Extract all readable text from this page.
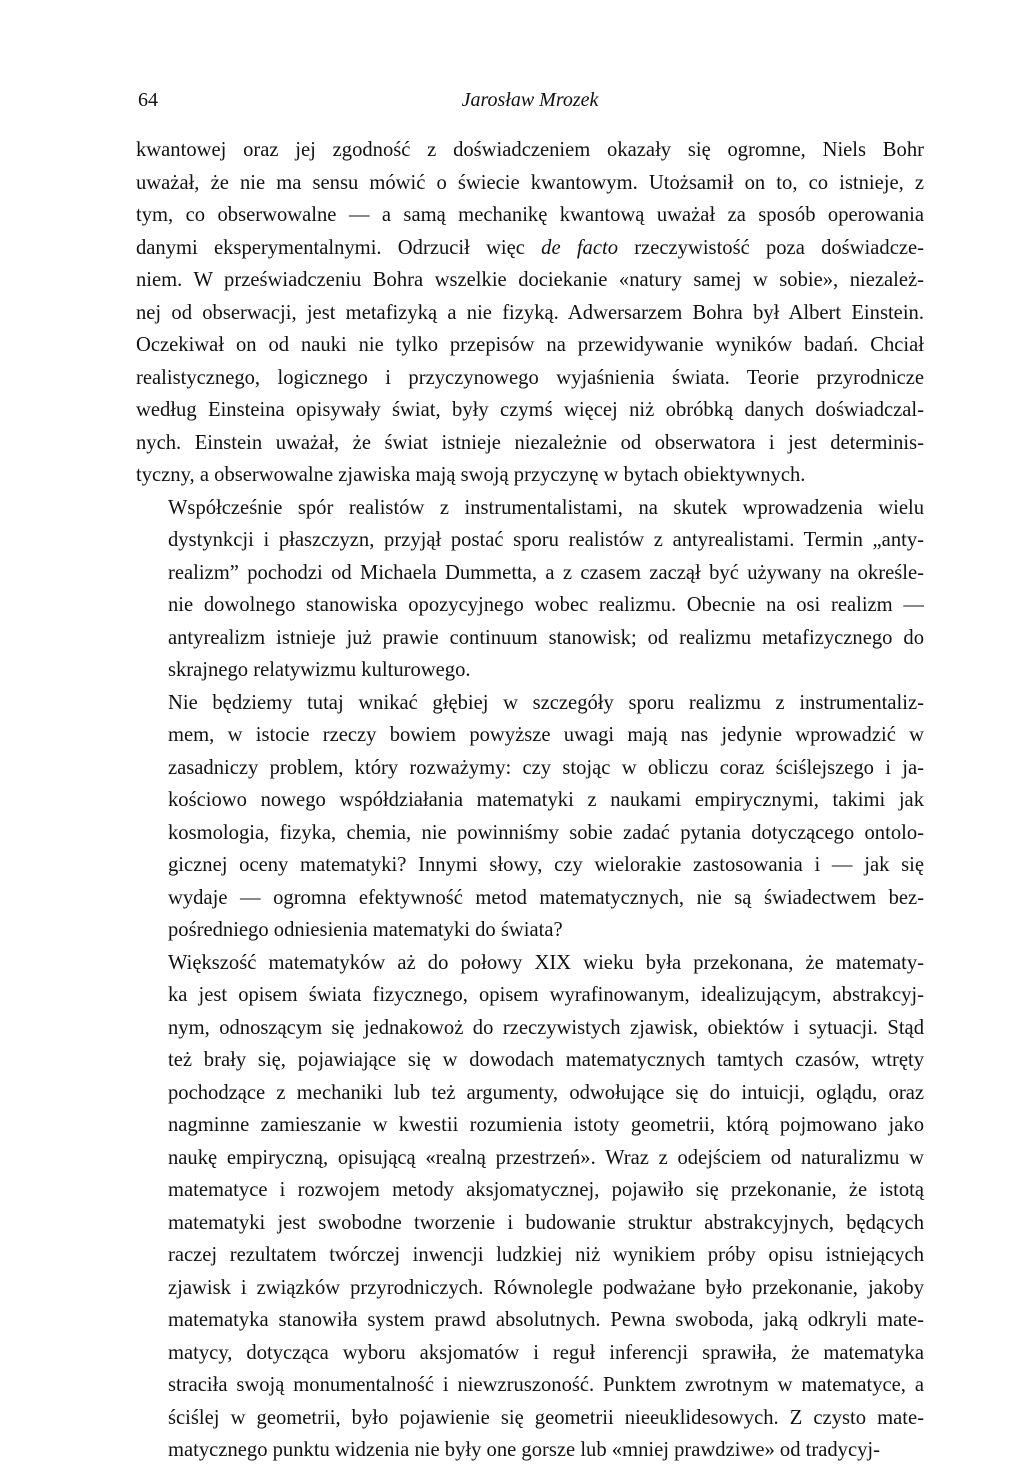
64	Jarosław Mrozek

kwantowej oraz jej zgodność z doświadczeniem okazały się ogromne, Niels Bohr
uważał, że nie ma sensu mówić o świecie kwantowym. Utożsamił on to, co istnieje, z
tym, co obserwowalne — a samą mechanikę kwantową uważał za sposób operowania
danymi eksperymentalnymi. Odrzucił więc de facto rzeczywistość poza doświadcze-
niem. W przeświadczeniu Bohra wszelkie dociekanie «natury samej w sobie», niezależ-
nej od obserwacji, jest metafizyką a nie fizyką. Adwersarzem Bohra był Albert Einstein.
Oczekiwał on od nauki nie tylko przepisów na przewidywanie wyników badań. Chciał
realistycznego, logicznego i przyczynowego wyjaśnienia świata. Teorie przyrodnicze
według Einsteina opisywały świat, były czymś więcej niż obróbką danych doświadczal-
nych. Einstein uważał, że świat istnieje niezależnie od obserwatora i jest determinis-
tyczny, a obserwowalne zjawiska mają swoją przyczynę w bytach obiektywnych.

Współcześnie spór realistów z instrumentalistami, na skutek wprowadzenia wielu
dystynkcji i płaszczyzn, przyjął postać sporu realistów z antyrealistami. Termin „anty-
realizm” pochodzi od Michaela Dummetta, a z czasem zaczął być używany na określe-
nie dowolnego stanowiska opozycyjnego wobec realizmu. Obecnie na osi realizm —
antyrealizm istnieje już prawie continuum stanowisk; od realizmu metafizycznego do
skrajnego relatywizmu kulturowego.

Nie będziemy tutaj wnikać głębiej w szczegóły sporu realizmu z instrumentaliz-
mem, w istocie rzeczy bowiem powyższe uwagi mają nas jedynie wprowadzić w
zasadniczy problem, który rozważymy: czy stojąc w obliczu coraz ściślejszego i ja-
kościowo nowego współdziałania matematyki z naukami empirycznymi, takimi jak
kosmologia, fizyka, chemia, nie powinniśmy sobie zadać pytania dotyczącego ontolo-
gicznej oceny matematyki? Innymi słowy, czy wielorakie zastosowania i — jak się
wydaje — ogromna efektywność metod matematycznych, nie są świadectwem bez-
pośredniego odniesienia matematyki do świata?

Większość matematyków aż do połowy XIX wieku była przekonana, że matematy-
ka jest opisem świata fizycznego, opisem wyrafinowanym, idealizującym, abstrakcyj-
nym, odnoszącym się jednakowoż do rzeczywistych zjawisk, obiektów i sytuacji. Stąd
też brały się, pojawiające się w dowodach matematycznych tamtych czasów, wtręty
pochodzące z mechaniki lub też argumenty, odwołujące się do intuicji, oglądu, oraz
nagminne zamieszanie w kwestii rozumienia istoty geometrii, którą pojmowano jako
naukę empiryczną, opisującą «realną przestrzeń». Wraz z odejściem od naturalizmu w
matematyce i rozwojem metody aksjomatycznej, pojawiło się przekonanie, że istotą
matematyki jest swobodne tworzenie i budowanie struktur abstrakcyjnych, będących
raczej rezultatem twórczej inwencji ludzkiej niż wynikiem próby opisu istniejących
zjawisk i związków przyrodniczych. Równolegle podważane było przekonanie, jakoby
matematyka stanowiła system prawd absolutnych. Pewna swoboda, jaką odkryli mate-
matycy, dotycząca wyboru aksjomatów i reguł inferencji sprawiła, że matematyka
straciła swoją monumentalność i niewzruszoność. Punktem zwrotnym w matematyce, a
ściślej w geometrii, było pojawienie się geometrii nieeuklidesowych. Z czysto mate-
matycznego punktu widzenia nie były one gorsze lub «mniej prawdziwe» od tradycyj-
